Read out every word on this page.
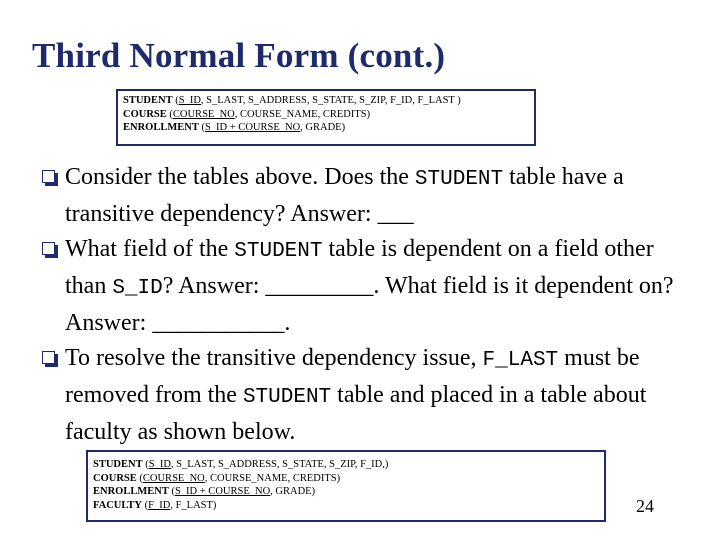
Third Normal Form (cont.)
STUDENT (S_ID, S_LAST, S_ADDRESS, S_STATE, S_ZIP, F_ID, F_LAST )
COURSE (COURSE_NO, COURSE_NAME, CREDITS)
ENROLLMENT (S_ID + COURSE_NO, GRADE)
Consider the tables above. Does the STUDENT table have a transitive dependency? Answer: ___
What field of the STUDENT table is dependent on a field other than S_ID? Answer: _________. What field is it dependent on? Answer: ___________.
To resolve the transitive dependency issue, F_LAST must be removed from the STUDENT table and placed in a table about faculty as shown below.
STUDENT (S_ID, S_LAST, S_ADDRESS, S_STATE, S_ZIP, F_ID,)
COURSE (COURSE_NO, COURSE_NAME, CREDITS)
ENROLLMENT (S_ID + COURSE_NO, GRADE)
FACULTY (F_ID, F_LAST)	24
